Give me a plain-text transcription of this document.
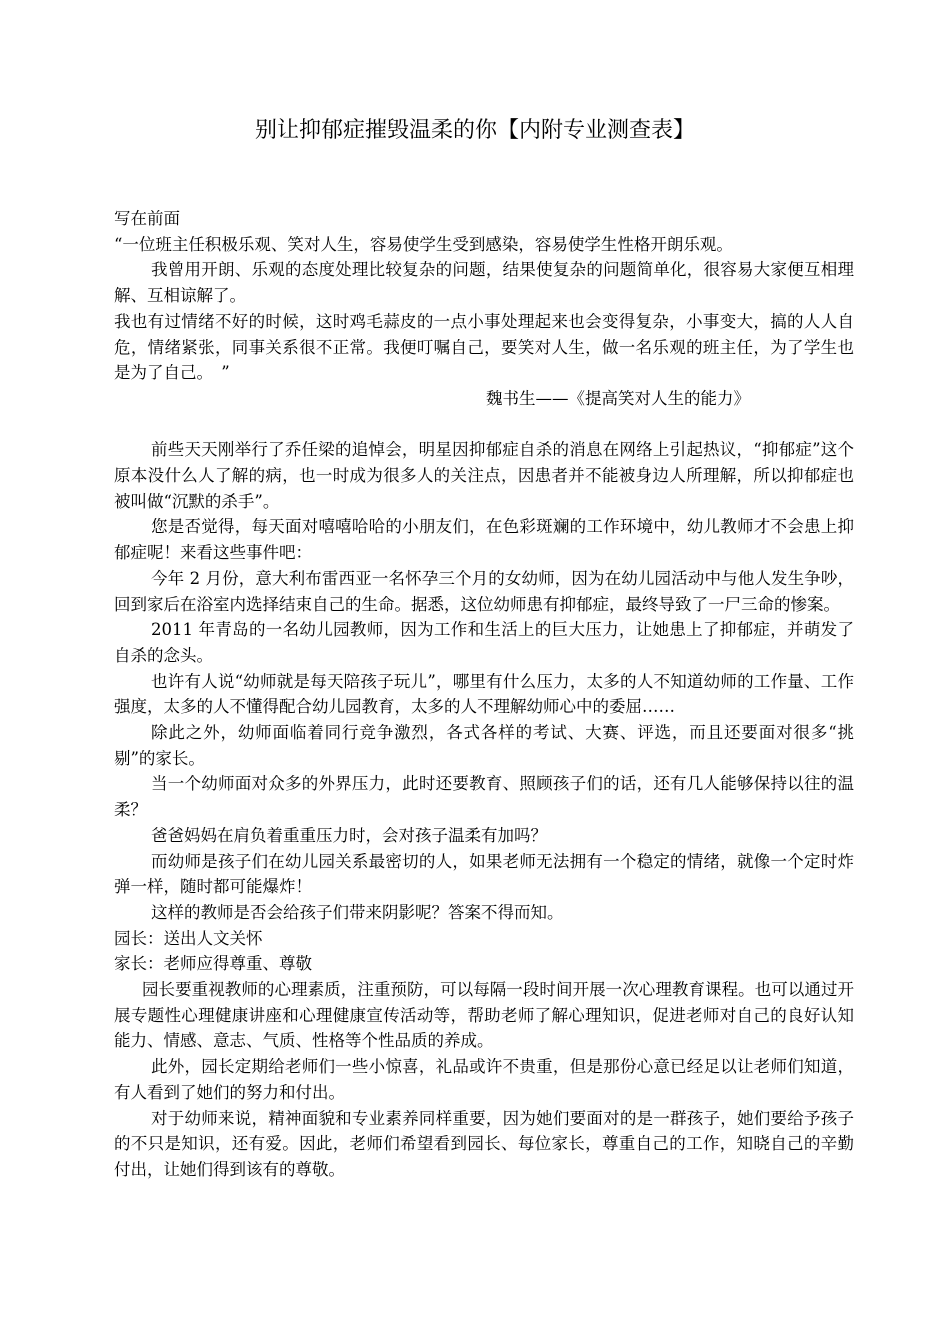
别让抑郁症摧毁温柔的你【内附专业测查表】

写在前面

“一位班主任积极乐观、笑对人生，容易使学生受到感染，容易使学生性格开朗乐观。

我曾用开朗、乐观的态度处理比较复杂的问题，结果使复杂的问题简单化，很容易大家便互相理解、互相谅解了。

我也有过情绪不好的时候，这时鸡毛蒜皮的一点小事处理起来也会变得复杂，小事变大，搞的人人自危，情绪紧张，同事关系很不正常。我便叮嘱自己，要笑对人生，做一名乐观的班主任，为了学生也是为了自己。　”

魏书生——《提高笑对人生的能力》

前些天天刚举行了乔任梁的追悼会，明星因抑郁症自杀的消息在网络上引起热议，“抑郁症”这个原本没什么人了解的病，也一时成为很多人的关注点，因患者并不能被身边人所理解，所以抑郁症也被叫做“沉默的杀手”。

您是否觉得，每天面对嘻嘻哈哈的小朋友们，在色彩斑斓的工作环境中，幼儿教师才不会患上抑郁症呢！来看这些事件吧：

今年 2 月份，意大利布雷西亚一名怀孕三个月的女幼师，因为在幼儿园活动中与他人发生争吵，回到家后在浴室内选择结束自己的生命。据悉，这位幼师患有抑郁症，最终导致了一尸三命的惨案。

2011 年青岛的一名幼儿园教师，因为工作和生活上的巨大压力，让她患上了抑郁症，并萌发了自杀的念头。

也许有人说“幼师就是每天陪孩子玩儿”，哪里有什么压力，太多的人不知道幼师的工作量、工作强度，太多的人不懂得配合幼儿园教育，太多的人不理解幼师心中的委屈……

除此之外，幼师面临着同行竞争激烈，各式各样的考试、大赛、评选，而且还要面对很多“挑剔”的家长。

当一个幼师面对众多的外界压力，此时还要教育、照顾孩子们的话，还有几人能够保持以往的温柔？

爸爸妈妈在肩负着重重压力时，会对孩子温柔有加吗？

而幼师是孩子们在幼儿园关系最密切的人，如果老师无法拥有一个稳定的情绪，就像一个定时炸弹一样，随时都可能爆炸！

这样的教师是否会给孩子们带来阴影呢？答案不得而知。

园长：送出人文关怀

家长：老师应得尊重、尊敬

园长要重视教师的心理素质，注重预防，可以每隔一段时间开展一次心理教育课程。也可以通过开展专题性心理健康讲座和心理健康宣传活动等，帮助老师了解心理知识，促进老师对自己的良好认知能力、情感、意志、气质、性格等个性品质的养成。

此外，园长定期给老师们一些小惊喜，礼品或许不贵重，但是那份心意已经足以让老师们知道，有人看到了她们的努力和付出。

对于幼师来说，精神面貌和专业素养同样重要，因为她们要面对的是一群孩子，她们要给予孩子的不只是知识，还有爱。因此，老师们希望看到园长、每位家长，尊重自己的工作，知晓自己的辛勤付出，让她们得到该有的尊敬。
